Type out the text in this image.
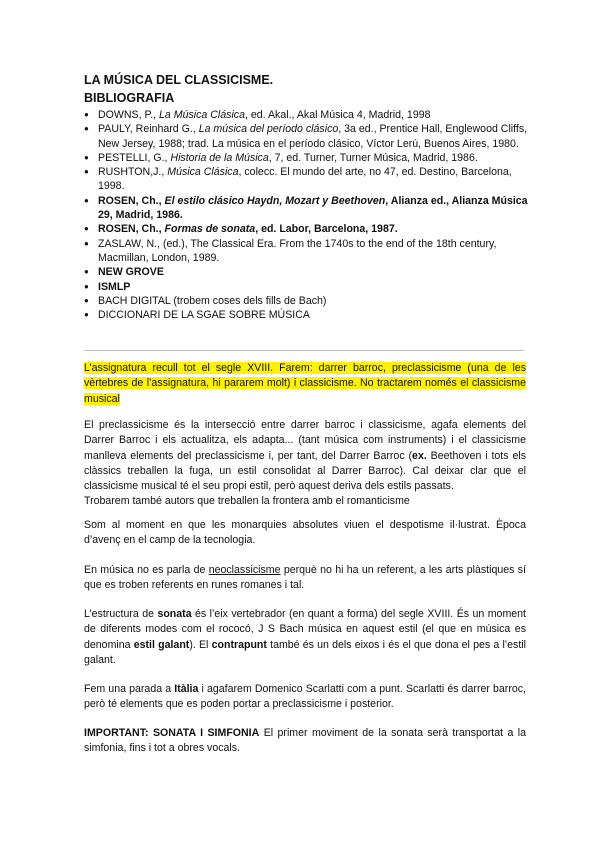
LA MÚSICA DEL CLASSICISME.
BIBLIOGRAFIA
● DOWNS, P., La Música Clásica, ed. Akal., Akal Música 4, Madrid, 1998
● PAULY, Reinhard G., La música del período clásico, 3a ed., Prentice Hall, Englewood Cliffs, New Jersey, 1988; trad. La música en el período clásico, Víctor Lerú, Buenos Aires, 1980.
● PESTELLI, G., Historia de la Música, 7, ed. Turner, Turner Música, Madrid, 1986.
● RUSHTON,J., Música Clásica, colecc. El mundo del arte, no 47, ed. Destino, Barcelona, 1998.
● ROSEN, Ch., El estilo clásico Haydn, Mozart y Beethoven, Alianza ed., Alianza Música 29, Madrid, 1986.
● ROSEN, Ch., Formas de sonata, ed. Labor, Barcelona, 1987.
● ZASLAW, N., (ed.), The Classical Era. From the 1740s to the end of the 18th century, Macmillan, London, 1989.
● NEW GROVE
● ISMLP
● BACH DIGITAL (trobem coses dels fills de Bach)
● DICCIONARI DE LA SGAE SOBRE MÚSICA

L’assignatura recull tot el segle XVIII. Farem: darrer barroc, preclassicisme (una de les vèrtebres de l’assignatura, hi pararem molt) i classicisme. No tractarem només el classicisme musical

El preclassicisme és la intersecció entre darrer barroc i classicisme, agafa elements del Darrer Barroc i els actualitza, els adapta... (tant música com instruments) i el classicisme manlleva elements del preclassicisme i, per tant, del Darrer Barroc (ex. Beethoven i tots els clàssics treballen la fuga, un estil consolidat al Darrer Barroc). Cal deixar clar que el classicisme musical té el seu propi estil, però aquest deriva dels estils passats.
Trobarem també autors que treballen la frontera amb el romanticisme

Som al moment en que les monarquies absolutes viuen el despotisme il·lustrat. Època d’avenç en el camp de la tecnologia.

En música no es parla de neoclassicisme perquè no hi ha un referent, a les arts plàstiques sí que es troben referents en runes romanes i tal.

L’estructura de sonata és l’eix vertebrador (en quant a forma) del segle XVIII. És un moment de diferents modes com el rococó, J S Bach música en aquest estil (el que en música es denomina estil galant). El contrapunt també és un dels eixos i és el que dona el pes a l’estil galant.

Fem una parada a Itàlia i agafarem Domenico Scarlatti com a punt. Scarlatti és darrer barroc, però té elements que es poden portar a preclassicisme i posterior.

IMPORTANT: SONATA I SIMFONIA El primer moviment de la sonata serà transportat a la simfonia, fins i tot a obres vocals.
